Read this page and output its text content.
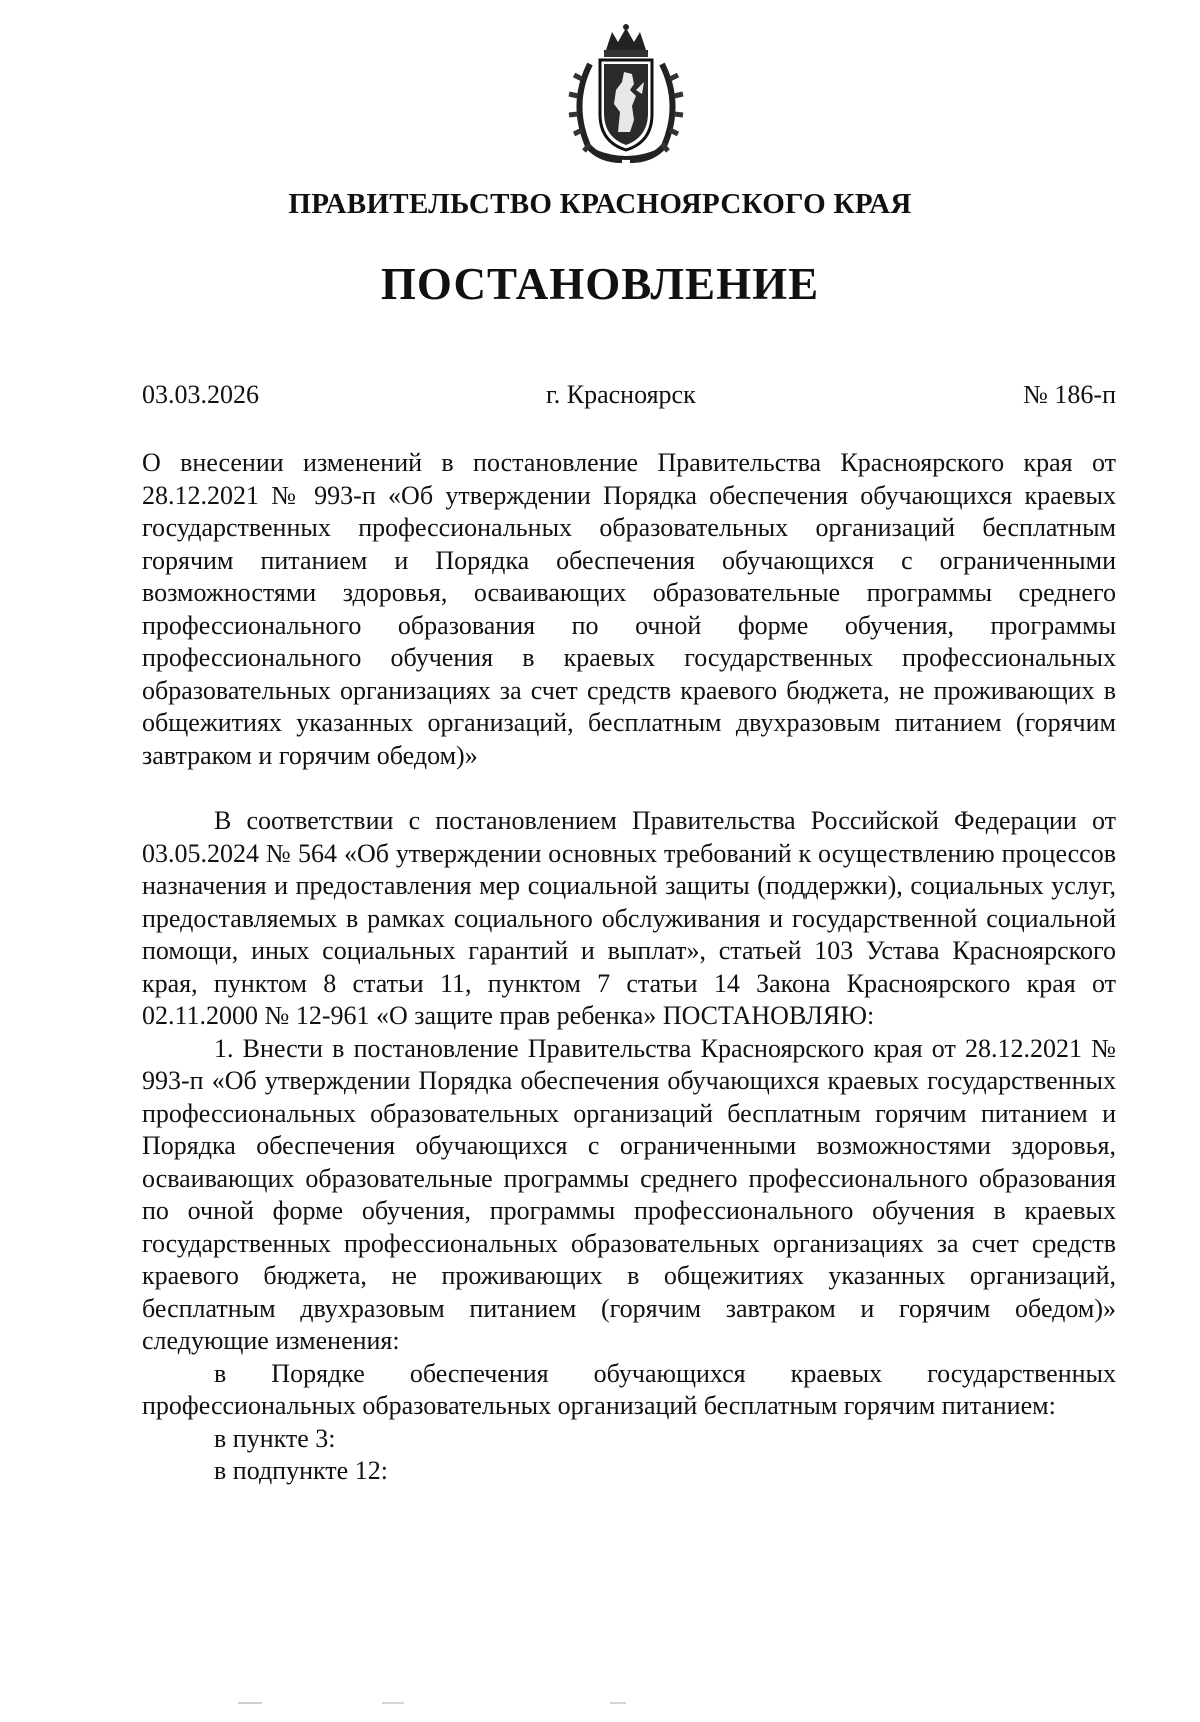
ПРАВИТЕЛЬСТВО КРАСНОЯРСКОГО КРАЯ
ПОСТАНОВЛЕНИЕ
03.03.2026	г. Красноярск	№ 186-п

О внесении изменений в постановление Правительства Красноярского края от 28.12.2021 № 993-п «Об утверждении Порядка обеспечения обучающихся краевых государственных профессиональных образовательных организаций бесплатным горячим питанием и Порядка обеспечения обучающихся с ограниченными возможностями здоровья, осваивающих образовательные программы среднего профессионального образования по очной форме обучения, программы профессионального обучения в краевых государственных профессиональных образовательных организациях за счет средств краевого бюджета, не проживающих в общежитиях указанных организаций, бесплатным двухразовым питанием (горячим завтраком и горячим обедом)»

В соответствии с постановлением Правительства Российской Федерации от 03.05.2024 № 564 «Об утверждении основных требований к осуществлению процессов назначения и предоставления мер социальной защиты (поддержки), социальных услуг, предоставляемых в рамках социального обслуживания и государственной социальной помощи, иных социальных гарантий и выплат», статьей 103 Устава Красноярского края, пунктом 8 статьи 11, пунктом 7 статьи 14 Закона Красноярского края от 02.11.2000 № 12-961 «О защите прав ребенка» ПОСТАНОВЛЯЮ:

1. Внести в постановление Правительства Красноярского края от 28.12.2021 № 993-п «Об утверждении Порядка обеспечения обучающихся краевых государственных профессиональных образовательных организаций бесплатным горячим питанием и Порядка обеспечения обучающихся с ограниченными возможностями здоровья, осваивающих образовательные программы среднего профессионального образования по очной форме обучения, программы профессионального обучения в краевых государственных профессиональных образовательных организациях за счет средств краевого бюджета, не проживающих в общежитиях указанных организаций, бесплатным двухразовым питанием (горячим завтраком и горячим обедом)» следующие изменения:

в Порядке обеспечения обучающихся краевых государственных профессиональных образовательных организаций бесплатным горячим питанием:

в пункте 3:

в подпункте 12:
